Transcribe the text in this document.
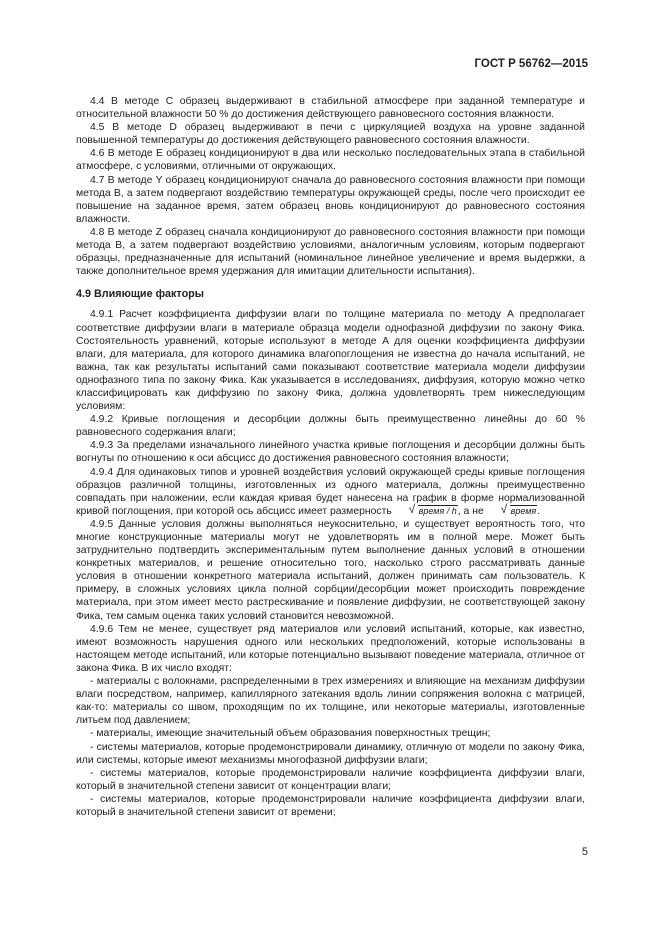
ГОСТ Р 56762—2015

4.4 В методе C образец выдерживают в стабильной атмосфере при заданной температуре и относительной влажности 50 % до достижения действующего равновесного состояния влажности.

4.5 В методе D образец выдерживают в печи с циркуляцией воздуха на уровне заданной повышенной температуры до достижения действующего равновесного состояния влажности.

4.6 В методе E образец кондиционируют в два или несколько последовательных этапа в стабильной атмосфере, с условиями, отличными от окружающих.

4.7 В методе Y образец кондиционируют сначала до равновесного состояния влажности при помощи метода B, а затем подвергают воздействию температуры окружающей среды, после чего происходит ее повышение на заданное время, затем образец вновь кондиционируют до равновесного состояния влажности.

4.8 В методе Z образец сначала кондиционируют до равновесного состояния влажности при помощи метода B, а затем подвергают воздействию условиями, аналогичным условиям, которым подвергают образцы, предназначенные для испытаний (номинальное линейное увеличение и время выдержки, а также дополнительное время удержания для имитации длительности испытания).

4.9 Влияющие факторы

4.9.1 Расчет коэффициента диффузии влаги по толщине материала по методу A предполагает соответствие диффузии влаги в материале образца модели однофазной диффузии по закону Фика. Состоятельность уравнений, которые используют в методе A для оценки коэффициента диффузии влаги, для материала, для которого динамика влагопоглощения не известна до начала испытаний, не важна, так как результаты испытаний сами показывают соответствие материала модели диффузии однофазного типа по закону Фика. Как указывается в исследованиях, диффузия, которую можно четко классифицировать как диффузию по закону Фика, должна удовлетворять трем нижеследующим условиям:

4.9.2 Кривые поглощения и десорбции должны быть преимущественно линейны до 60 % равновесного содержания влаги;

4.9.3 За пределами изначального линейного участка кривые поглощения и десорбции должны быть вогнуты по отношению к оси абсцисс до достижения равновесного состояния влажности;

4.9.4 Для одинаковых типов и уровней воздействия условий окружающей среды кривые поглощения образцов различной толщины, изготовленных из одного материала, должны преимущественно совпадать при наложении, если каждая кривая будет нанесена на график в форме нормализованной кривой поглощения, при которой ось абсцисс имеет размерность	√ время / h, а не	√ время.

4.9.5 Данные условия должны выполняться неукоснительно, и существует вероятность того, что многие конструкционные материалы могут не удовлетворять им в полной мере. Может быть затруднительно подтвердить экспериментальным путем выполнение данных условий в отношении конкретных материалов, и решение относительно того, насколько строго рассматривать данные условия в отношении конкретного материала испытаний, должен принимать сам пользователь. К примеру, в сложных условиях цикла полной сорбции/десорбции может происходить повреждение материала, при этом имеет место растрескивание и появление диффузии, не соответствующей закону Фика, тем самым оценка таких условий становится невозможной.

4.9.6 Тем не менее, существует ряд материалов или условий испытаний, которые, как известно, имеют возможность нарушения одного или нескольких предположений, которые использованы в настоящем методе испытаний, или которые потенциально вызывают поведение материала, отличное от закона Фика. В их число входят:

- материалы с волокнами, распределенными в трех измерениях и влияющие на механизм диффузии влаги посредством, например, капиллярного затекания вдоль линии сопряжения волокна с матрицей, как-то: материалы со швом, проходящим по их толщине, или некоторые материалы, изготовленные литьем под давлением;

- материалы, имеющие значительный объем образования поверхностных трещин;

- системы материалов, которые продемонстрировали динамику, отличную от модели по закону Фика, или системы, которые имеют механизмы многофазной диффузии влаги;

- системы материалов, которые продемонстрировали наличие коэффициента диффузии влаги, который в значительной степени зависит от концентрации влаги;

- системы материалов, которые продемонстрировали наличие коэффициента диффузии влаги, который в значительной степени зависит от времени;

5
